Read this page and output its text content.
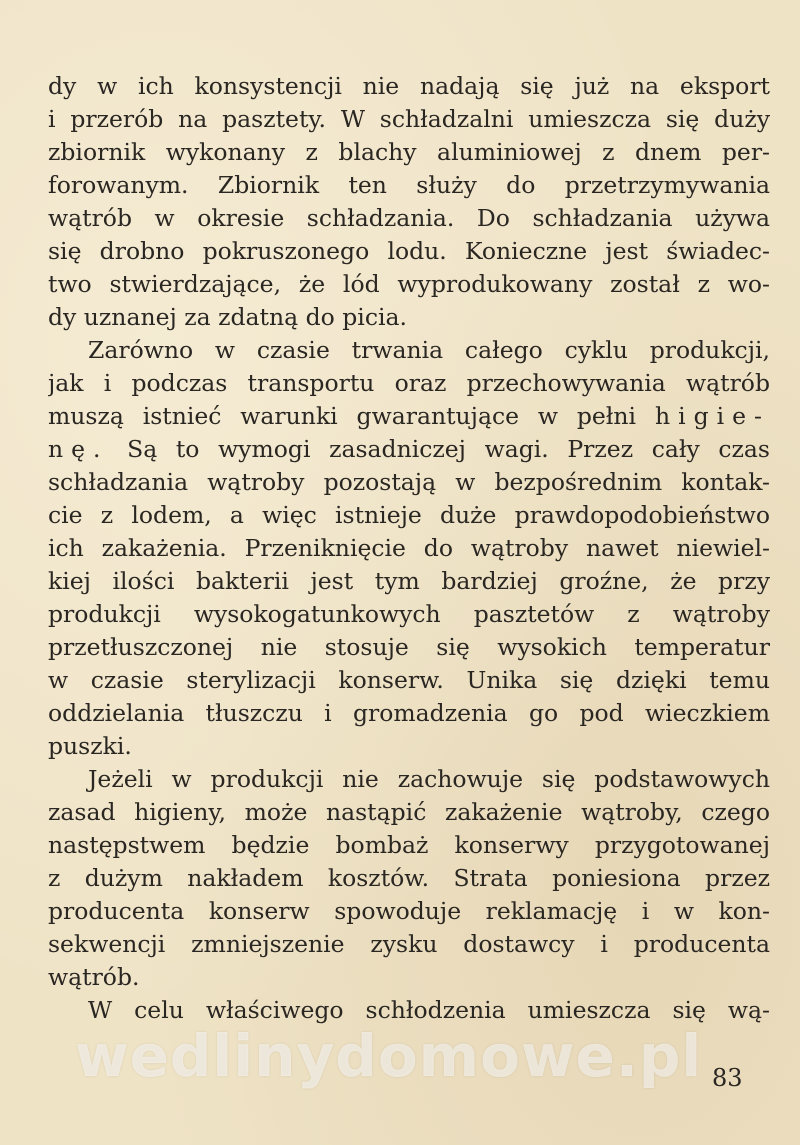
dy w ich konsystencji nie nadają się już na eksport
i przerób na pasztety. W schładzalni umieszcza się duży
zbiornik wykonany z blachy aluminiowej z dnem per-
forowanym. Zbiornik ten służy do przetrzymywania
wątrób w okresie schładzania. Do schładzania używa
się drobno pokruszonego lodu. Konieczne jest świadec-
two stwierdzające, że lód wyprodukowany został z wo-
dy uznanej za zdatną do picia.
Zarówno w czasie trwania całego cyklu produkcji,
jak i podczas transportu oraz przechowywania wątrób
muszą istnieć warunki gwarantujące w pełni higie-
nę. Są to wymogi zasadniczej wagi. Przez cały czas
schładzania wątroby pozostają w bezpośrednim kontak-
cie z lodem, a więc istnieje duże prawdopodobieństwo
ich zakażenia. Przeniknięcie do wątroby nawet niewiel-
kiej ilości bakterii jest tym bardziej groźne, że przy
produkcji wysokogatunkowych pasztetów z wątroby
przetłuszczonej nie stosuje się wysokich temperatur
w czasie sterylizacji konserw. Unika się dzięki temu
oddzielania tłuszczu i gromadzenia go pod wieczkiem
puszki.
Jeżeli w produkcji nie zachowuje się podstawowych
zasad higieny, może nastąpić zakażenie wątroby, czego
następstwem będzie bombaż konserwy przygotowanej
z dużym nakładem kosztów. Strata poniesiona przez
producenta konserw spowoduje reklamację i w kon-
sekwencji zmniejszenie zysku dostawcy i producenta
wątrób.
W celu właściwego schłodzenia umieszcza się wą-
wedlinydomowe.pl 83
